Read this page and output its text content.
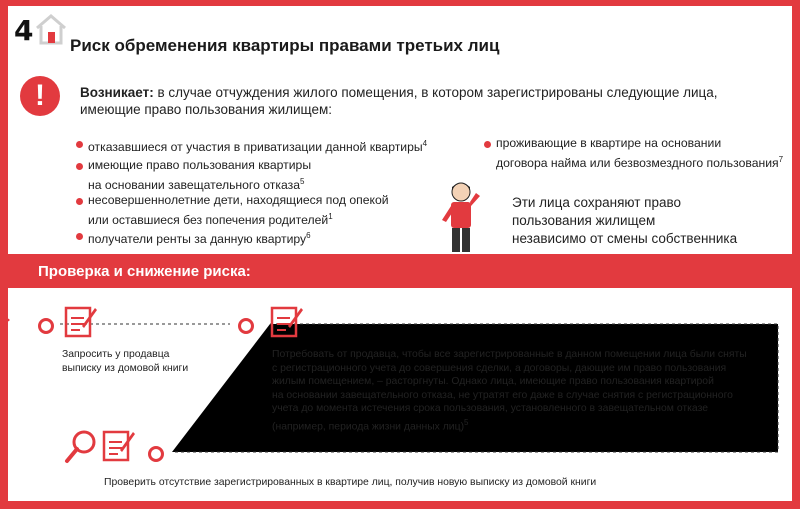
4 Риск обременения квартиры правами третьих лиц
!	Возникает: в случае отчуждения жилого помещения, в котором зарегистрированы следующие лица, имеющие право пользования жилищем:
отказавшиеся от участия в приватизации данной квартиры$^4$
имеющие право пользования квартиры
на основании завещательного отказа$^5$
несовершеннолетние дети, находящиеся под опекой
или оставшиеся без попечения родителей$^1$
получатели ренты за данную квартиру$^6$
проживающие в квартире на основании
договора найма или безвозмездного пользования$^7$
Эти лица сохраняют право
пользования жилищем
независимо от смены собственника
Проверка и снижение риска:
Запросить у продавца
выписку из домовой книги
Потребовать от продавца, чтобы все зарегистрированные в данном помещении лица были сняты
с регистрационного учета до совершения сделки, а договоры, дающие им право пользования
жилым помещением, – расторгнуты. Однако лица, имеющие право пользования квартирой
на основании завещательного отказа, не утратят его даже в случае снятия с регистрационного
учета до момента истечения срока пользования, установленного в завещательном отказе
(например, периода жизни данных лиц)$^5$
Проверить отсутствие зарегистрированных в квартире лиц, получив новую выписку из домовой книги
